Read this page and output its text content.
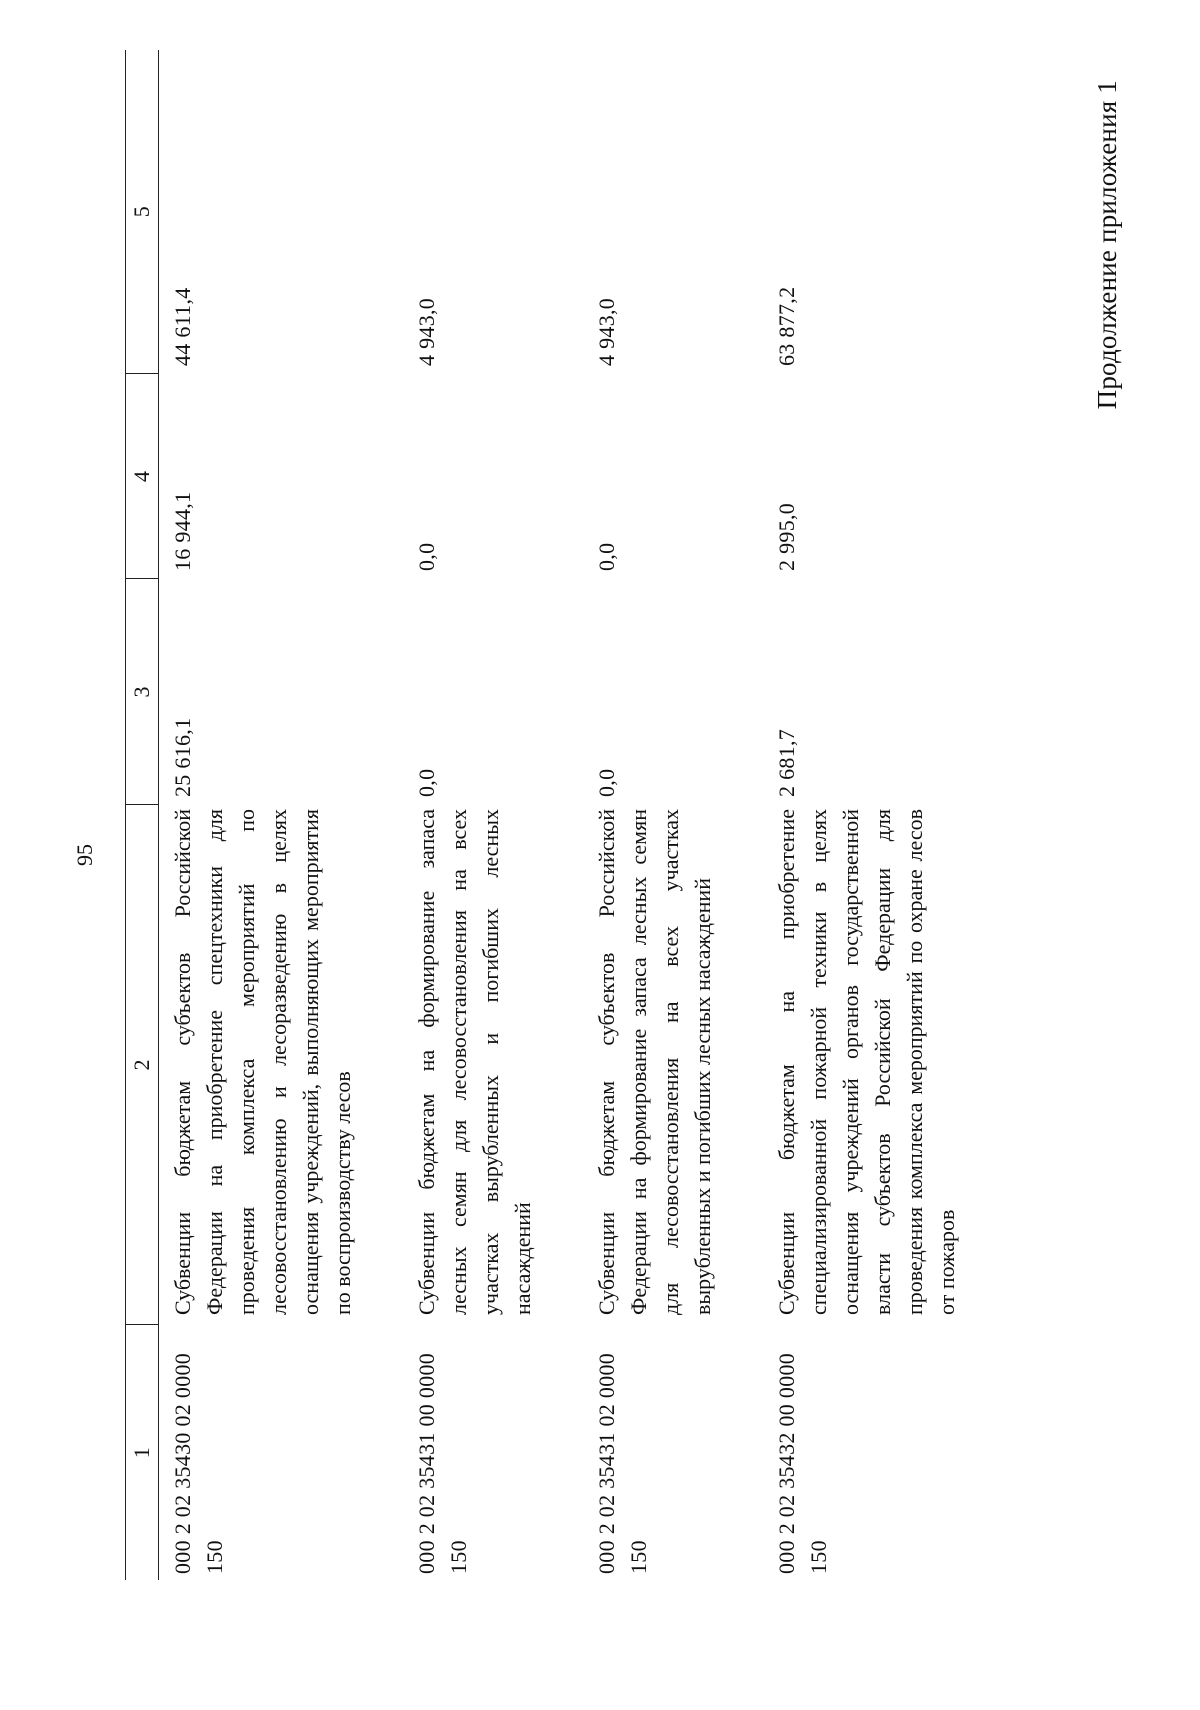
95
Продолжение приложения 1
1	2	3	4	5
000 2 02 35430 02 0000 150	Субвенции бюджетам субъектов Российской Федерации на приобретение спецтехники для проведения комплекса мероприятий по лесовосстановлению и лесоразведению в целях оснащения учреждений, выполняющих мероприятия по воспроизводству лесов	25 616,1	16 944,1	44 611,4

000 2 02 35431 00 0000 150	Субвенции бюджетам на формирование запаса лесных семян для лесовосстановления на всех участках вырубленных и погибших лесных насаждений	0,0	0,0	4 943,0

000 2 02 35431 02 0000 150	Субвенции бюджетам субъектов Российской Федерации на формирование запаса лесных семян для лесовосстановления на всех участках вырубленных и погибших лесных насаждений	0,0	0,0	4 943,0

000 2 02 35432 00 0000 150	Субвенции бюджетам на приобретение специализированной пожарной техники в целях оснащения учреждений органов государственной власти субъектов Российской Федерации для проведения комплекса мероприятий по охране лесов от пожаров	2 681,7	2 995,0	63 877,2
